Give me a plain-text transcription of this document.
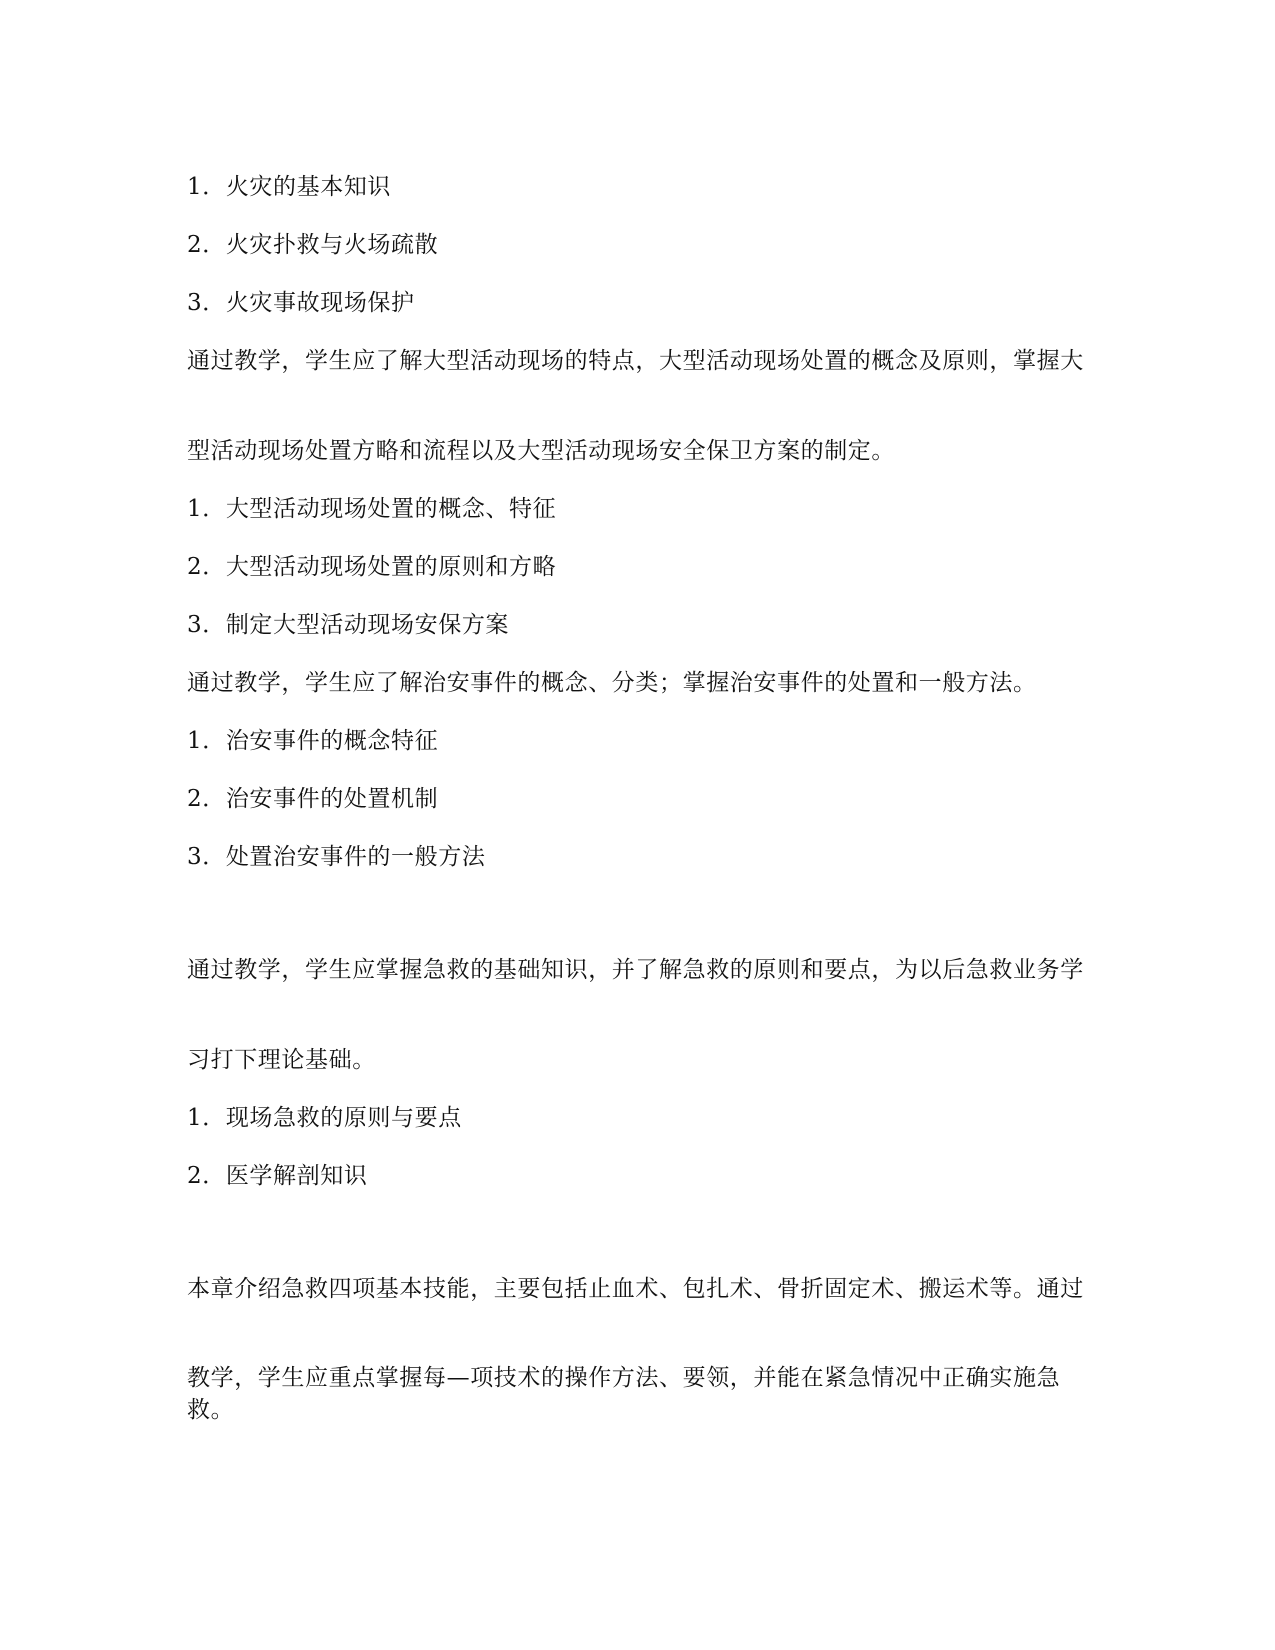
1．火灾的基本知识

2．火灾扑救与火场疏散

3．火灾事故现场保护

通过教学，学生应了解大型活动现场的特点，大型活动现场处置的概念及原则，掌握大

型活动现场处置方略和流程以及大型活动现场安全保卫方案的制定。

1．大型活动现场处置的概念、特征

2．大型活动现场处置的原则和方略

3．制定大型活动现场安保方案

通过教学，学生应了解治安事件的概念、分类；掌握治安事件的处置和一般方法。

1．治安事件的概念特征

2．治安事件的处置机制

3．处置治安事件的一般方法

通过教学，学生应掌握急救的基础知识，并了解急救的原则和要点，为以后急救业务学

习打下理论基础。

1．现场急救的原则与要点

2．医学解剖知识

本章介绍急救四项基本技能，主要包括止血术、包扎术、骨折固定术、搬运术等。通过

教学，学生应重点掌握每—项技术的操作方法、要领，并能在紧急情况中正确实施急救。
